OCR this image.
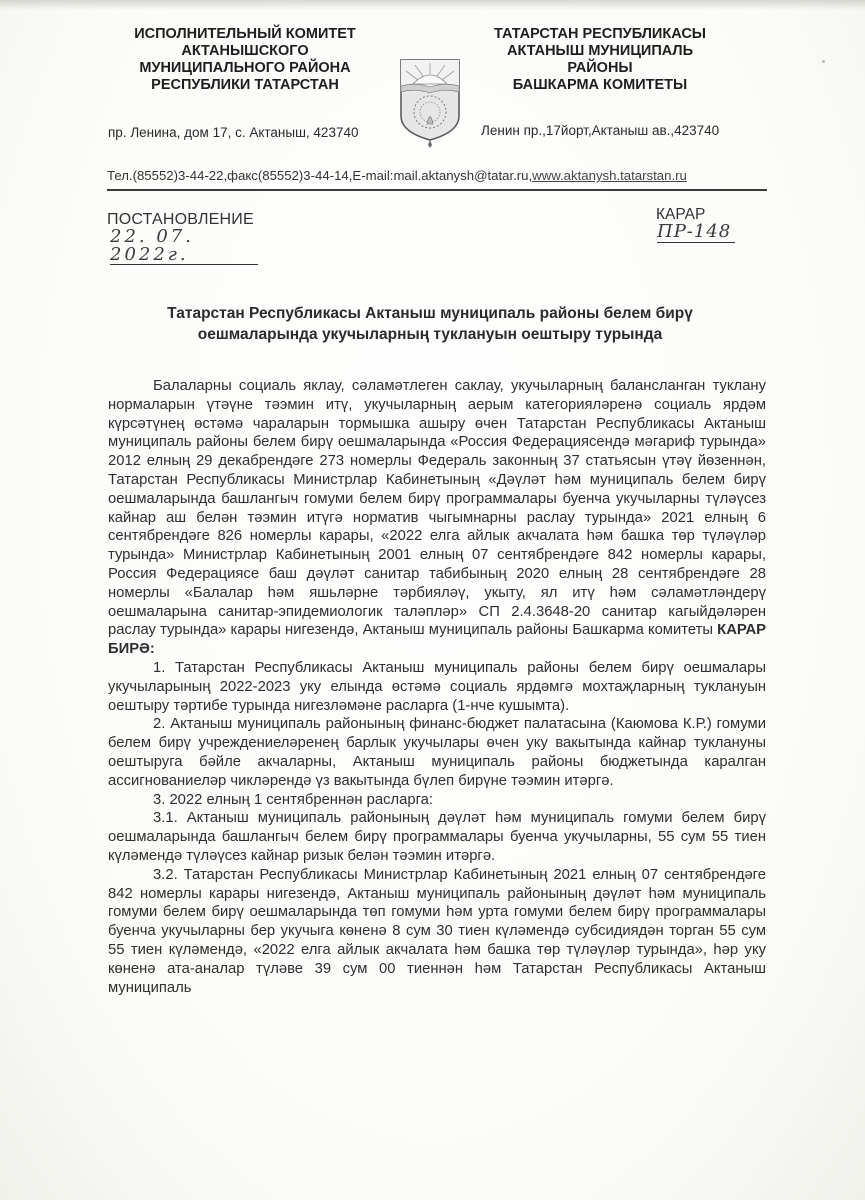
ИСПОЛНИТЕЛЬНЫЙ КОМИТЕТ
АКТАНЫШСКОГО
МУНИЦИПАЛЬНОГО РАЙОНА
РЕСПУБЛИКИ ТАТАРСТАН
ТАТАРСТАН РЕСПУБЛИКАСЫ
АКТАНЫШ МУНИЦИПАЛЬ РАЙОНЫ
БАШКАРМА КОМИТЕТЫ
пр. Ленина, дом 17, с. Актаныш, 423740	Ленин пр.,17йорт,Актаныш ав.,423740
Тел.(85552)3-44-22,факс(85552)3-44-14,E-mail:mail.aktanysh@tatar.ru,www.aktanysh.tatarstan.ru
ПОСТАНОВЛЕНИЕ
22. 07. 2022г.
КАРАР
ПР-148
Татарстан Республикасы Актаныш муниципаль районы белем бирү
оешмаларында укучыларның туклануын оештыру турында

Балаларны социаль яклау, сәламәтлеген саклау, укучыларның балансланган туклану нормаларын үтәүне тәэмин итү, укучыларның аерым категорияләренә социаль ярдәм күрсәтүнең өстәмә чараларын тормышка ашыру өчен Татарстан Республикасы Актаныш муниципаль районы белем бирү оешмаларында «Россия Федерациясендә мәгариф турында» 2012 елның 29 декабрендәге 273 номерлы Федераль законның 37 статьясын үтәү йөзеннән, Татарстан Республикасы Министрлар Кабинетының «Дәүләт һәм муниципаль белем бирү оешмаларында башлангыч гомуми белем бирү программалары буенча укучыларны түләүсез кайнар аш белән тәэмин итүгә норматив чыгымнарны раслау турында» 2021 елның 6 сентябрендәге 826 номерлы карары, «2022 елга айлык акчалата һәм башка төр түләүләр турында» Министрлар Кабинетының 2001 елның 07 сентябрендәге 842 номерлы карары, Россия Федерациясе баш дәүләт санитар табибының 2020 елның 28 сентябрендәге 28 номерлы «Балалар һәм яшьләрне тәрбияләү, укыту, ял итү һәм сәламәтләндерү оешмаларына санитар-эпидемиологик таләпләр» СП 2.4.3648-20 санитар кагыйдәләрен раслау турында» карары нигезендә, Актаныш муниципаль районы Башкарма комитеты КАРАР БИРӘ:

1. Татарстан Республикасы Актаныш муниципаль районы белем бирү оешмалары укучыларының 2022-2023 уку елында өстәмә социаль ярдәмгә мохтаҗларның туклануын оештыру тәртибе турында нигезләмәне расларга (1-нче кушымта).

2. Актаныш муниципаль районының финанс-бюджет палатасына (Каюмова К.Р.) гомуми белем бирү учреждениеләренең барлык укучылары өчен уку вакытында кайнар туклануны оештыруга бәйле акчаларны, Актаныш муниципаль районы бюджетында каралган ассигнованиеләр чикләрендә үз вакытында бүлеп бирүне тәэмин итәргә.

3. 2022 елның 1 сентябреннән расларга:

3.1. Актаныш муниципаль районының дәүләт һәм муниципаль гомуми белем бирү оешмаларында башлангыч белем бирү программалары буенча укучыларны, 55 сум 55 тиен күләмендә түләүсез кайнар ризык белән тәэмин итәргә.

3.2. Татарстан Республикасы Министрлар Кабинетының 2021 елның 07 сентябрендәге 842 номерлы карары нигезендә, Актаныш муниципаль районының дәүләт һәм муниципаль гомуми белем бирү оешмаларында төп гомуми һәм урта гомуми белем бирү программалары буенча укучыларны бер укучыга көненә 8 сум 30 тиен күләмендә субсидиядән торган 55 сум 55 тиен күләмендә, «2022 елга айлык акчалата һәм башка төр түләүләр турында», һәр уку көненә ата-аналар түләве 39 сум 00 тиеннән һәм Татарстан Республикасы Актаныш муниципаль
